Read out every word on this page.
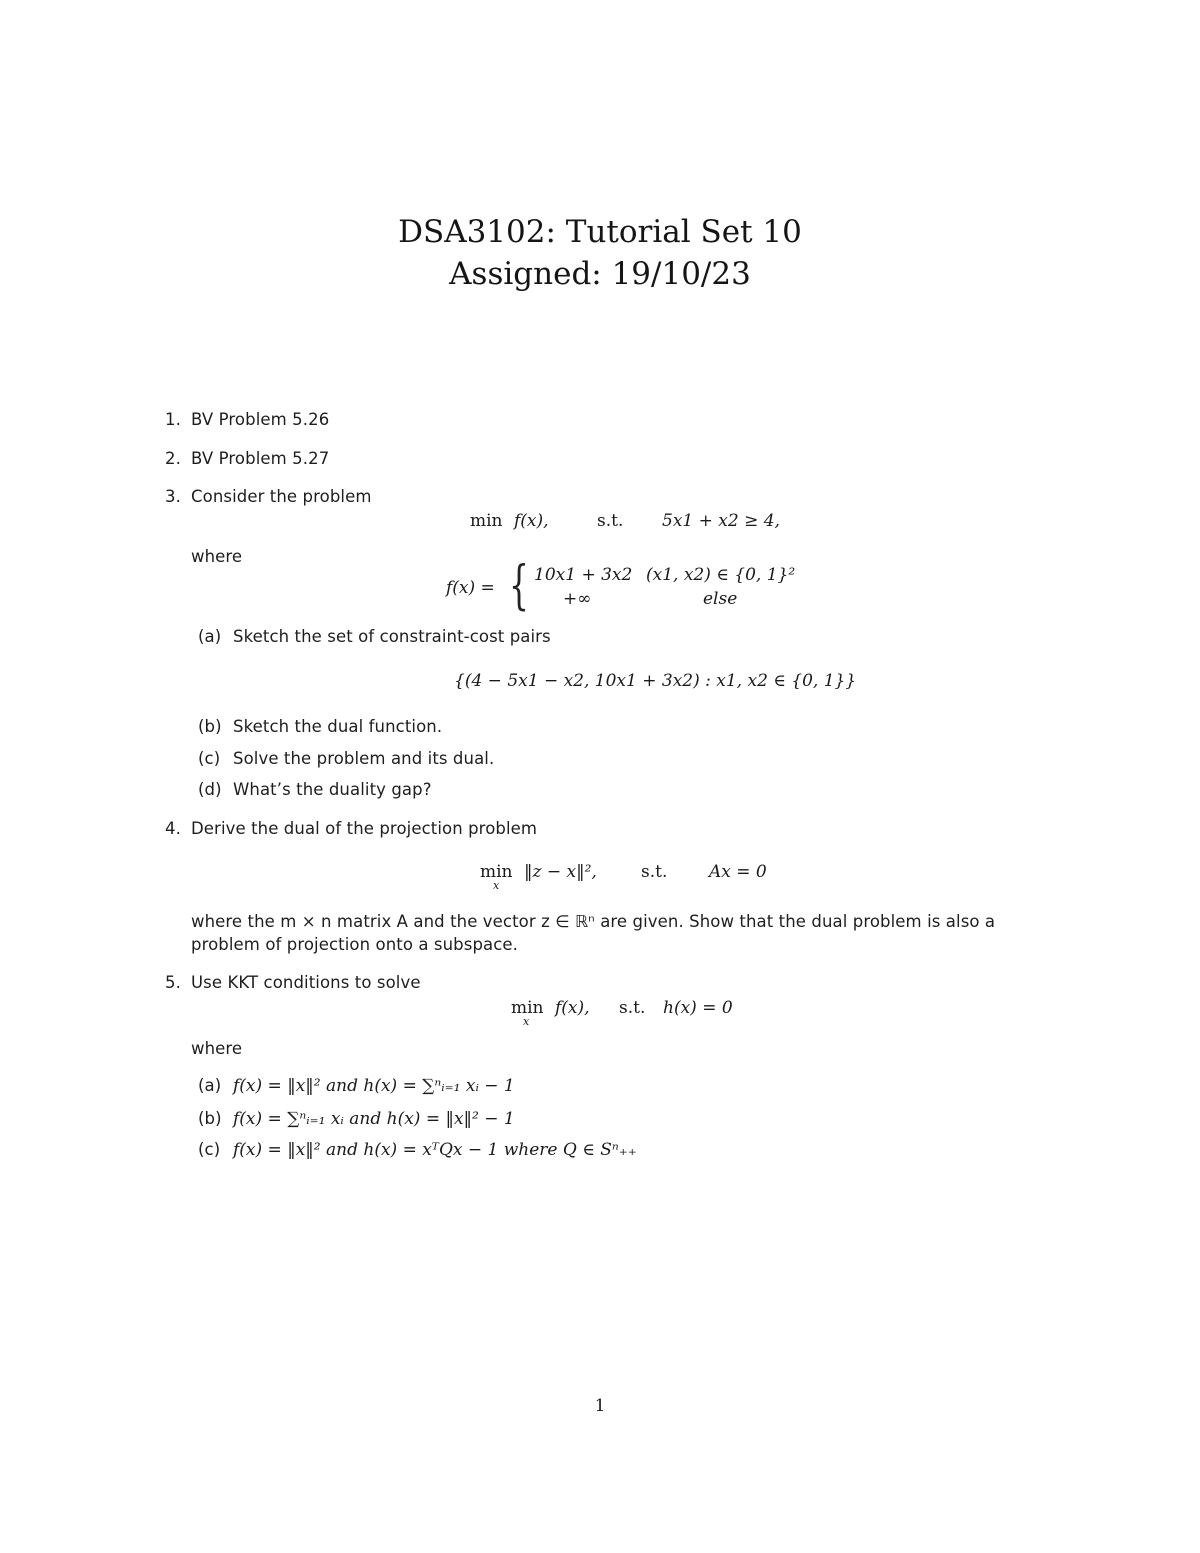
DSA3102: Tutorial Set 10
Assigned: 19/10/23
1. BV Problem 5.26
2. BV Problem 5.27
3. Consider the problem
min f(x),	s.t. 5x1 + x2 ≥ 4,
where
f(x) = { 10x1 + 3x2 (x1, x2) ∈ {0, 1}²
+∞	else
(a) Sketch the set of constraint-cost pairs
{(4 − 5x1 − x2, 10x1 + 3x2) : x1, x2 ∈ {0, 1}}
(b) Sketch the dual function.
(c) Solve the problem and its dual.
(d) What’s the duality gap?
4. Derive the dual of the projection problem
min
x
‖z − x‖²,	s.t. Ax = 0
where the m × n matrix A and the vector z ∈ ℝⁿ are given. Show that the dual problem is also a
problem of projection onto a subspace.
5. Use KKT conditions to solve
min
x
f(x), s.t. h(x) = 0
where
(a) f(x) = ‖x‖² and h(x) = ∑ⁿᵢ₌₁ xᵢ − 1
(b) f(x) = ∑ⁿᵢ₌₁ xᵢ and h(x) = ‖x‖² − 1
(c) f(x) = ‖x‖² and h(x) = xᵀQx − 1 where Q ∈ Sⁿ₊₊
1
